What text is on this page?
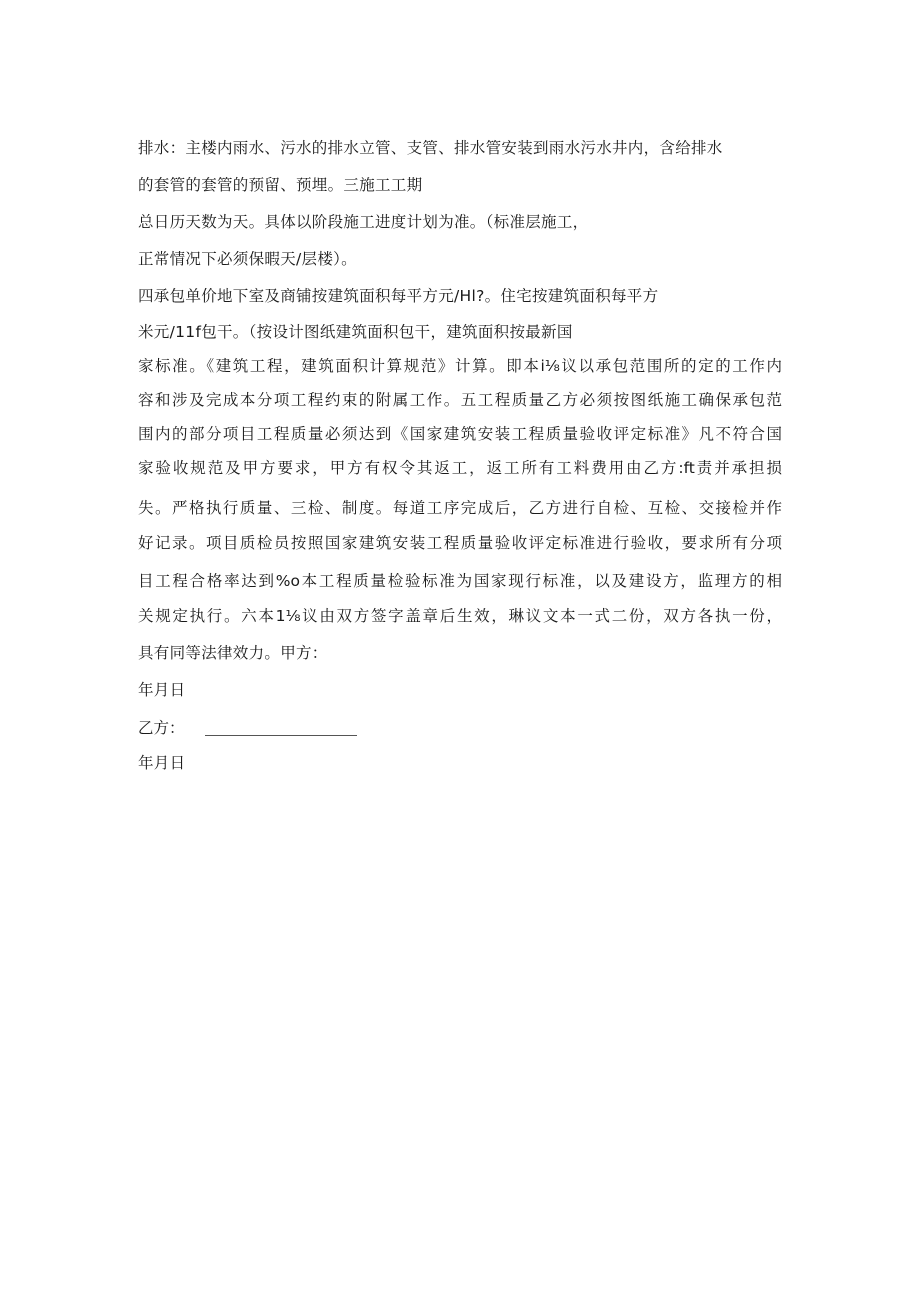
排水：主楼内雨水、污水的排水立管、支管、排水管安装到雨水污水井内，含给排水
的套管的套管的预留、预埋。三施工工期
总日历天数为天。具体以阶段施工进度计划为准。（标准层施工，
正常情况下必须保暇天/层楼）。
四承包单价地下室及商铺按建筑面积每平方元/Hl?。住宅按建筑面积每平方
米元/11f包干。（按设计图纸建筑面积包干，建筑面积按最新国
家标准。《建筑工程，建筑面积计算规范》计算。即本i⅛议以承包范围所的定的工作内
容和涉及完成本分项工程约束的附属工作。五工程质量乙方必须按图纸施工确保承包范
围内的部分项目工程质量必须达到《国家建筑安装工程质量验收评定标准》凡不符合国
家验收规范及甲方要求，甲方有权令其返工，返工所有工料费用由乙方:ft责并承担损
失。严格执行质量、三检、制度。每道工序完成后，乙方进行自检、互检、交接检并作
好记录。项目质检员按照国家建筑安装工程质量验收评定标准进行验收，要求所有分项
目工程合格率达到%o本工程质量检验标准为国家现行标准，以及建设方，监理方的相
关规定执行。六本1⅛议由双方签字盖章后生效，琳议文本一式二份，双方各执一份，
具有同等法律效力。甲方：
年月日
乙方：
年月日
